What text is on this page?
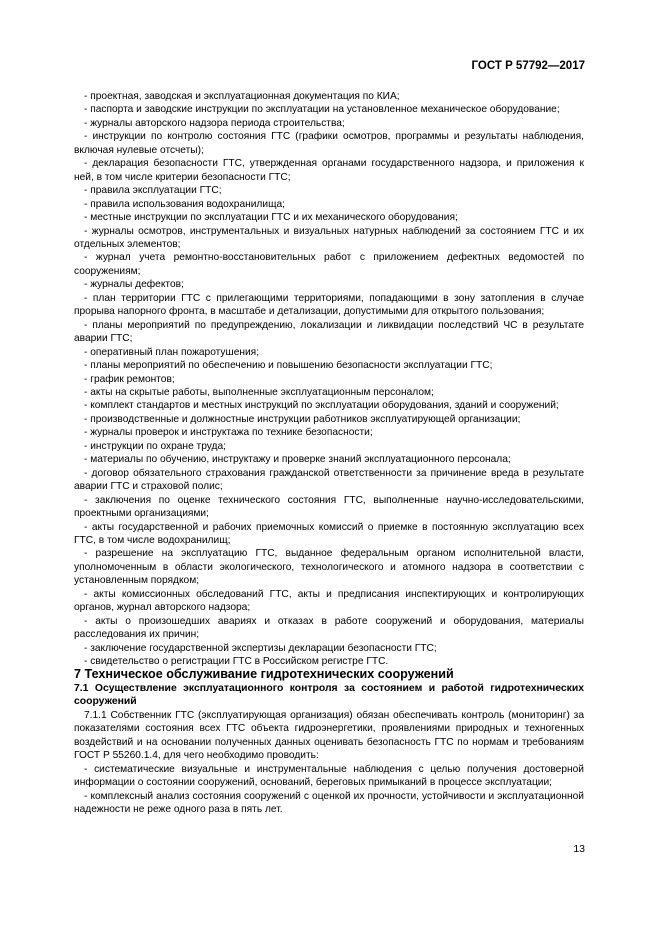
ГОСТ Р 57792—2017

- проектная, заводская и эксплуатационная документация по КИА;

- паспорта и заводские инструкции по эксплуатации на установленное механическое оборудование;

- журналы авторского надзора периода строительства;

- инструкции по контролю состояния ГТС (графики осмотров, программы и результаты наблюдения, включая нулевые отсчеты);

- декларация безопасности ГТС, утвержденная органами государственного надзора, и приложения к ней, в том числе критерии безопасности ГТС;

- правила эксплуатации ГТС;

- правила использования водохранилища;

- местные инструкции по эксплуатации ГТС и их механического оборудования;

- журналы осмотров, инструментальных и визуальных натурных наблюдений за состоянием ГТС и их отдельных элементов;

- журнал учета ремонтно-восстановительных работ с приложением дефектных ведомостей по сооружениям;

- журналы дефектов;

- план территории ГТС с прилегающими территориями, попадающими в зону затопления в случае прорыва напорного фронта, в масштабе и детализации, допустимыми для открытого пользования;

- планы мероприятий по предупреждению, локализации и ликвидации последствий ЧС в результате аварии ГТС;

- оперативный план пожаротушения;

- планы мероприятий по обеспечению и повышению безопасности эксплуатации ГТС;

- график ремонтов;

- акты на скрытые работы, выполненные эксплуатационным персоналом;

- комплект стандартов и местных инструкций по эксплуатации оборудования, зданий и сооружений;

- производственные и должностные инструкции работников эксплуатирующей организации;

- журналы проверок и инструктажа по технике безопасности;

- инструкции по охране труда;

- материалы по обучению, инструктажу и проверке знаний эксплуатационного персонала;

- договор обязательного страхования гражданской ответственности за причинение вреда в результате аварии ГТС и страховой полис;

- заключения по оценке технического состояния ГТС, выполненные научно-исследовательскими, проектными организациями;

- акты государственной и рабочих приемочных комиссий о приемке в постоянную эксплуатацию всех ГТС, в том числе водохранилищ;

- разрешение на эксплуатацию ГТС, выданное федеральным органом исполнительной власти, уполномоченным в области экологического, технологического и атомного надзора в соответствии с установленным порядком;

- акты комиссионных обследований ГТС, акты и предписания инспектирующих и контролирующих органов, журнал авторского надзора;

- акты о произошедших авариях и отказах в работе сооружений и оборудования, материалы расследования их причин;

- заключение государственной экспертизы декларации безопасности ГТС;

- свидетельство о регистрации ГТС в Российском регистре ГТС.

7 Техническое обслуживание гидротехнических сооружений

7.1 Осуществление эксплуатационного контроля за состоянием и работой гидротехнических сооружений

7.1.1 Собственник ГТС (эксплуатирующая организация) обязан обеспечивать контроль (мониторинг) за показателями состояния всех ГТС объекта гидроэнергетики, проявлениями природных и техногенных воздействий и на основании полученных данных оценивать безопасность ГТС по нормам и требованиям ГОСТ Р 55260.1.4, для чего необходимо проводить:

- систематические визуальные и инструментальные наблюдения с целью получения достоверной информации о состоянии сооружений, оснований, береговых примыканий в процессе эксплуатации;

- комплексный анализ состояния сооружений с оценкой их прочности, устойчивости и эксплуатационной надежности не реже одного раза в пять лет.

13
